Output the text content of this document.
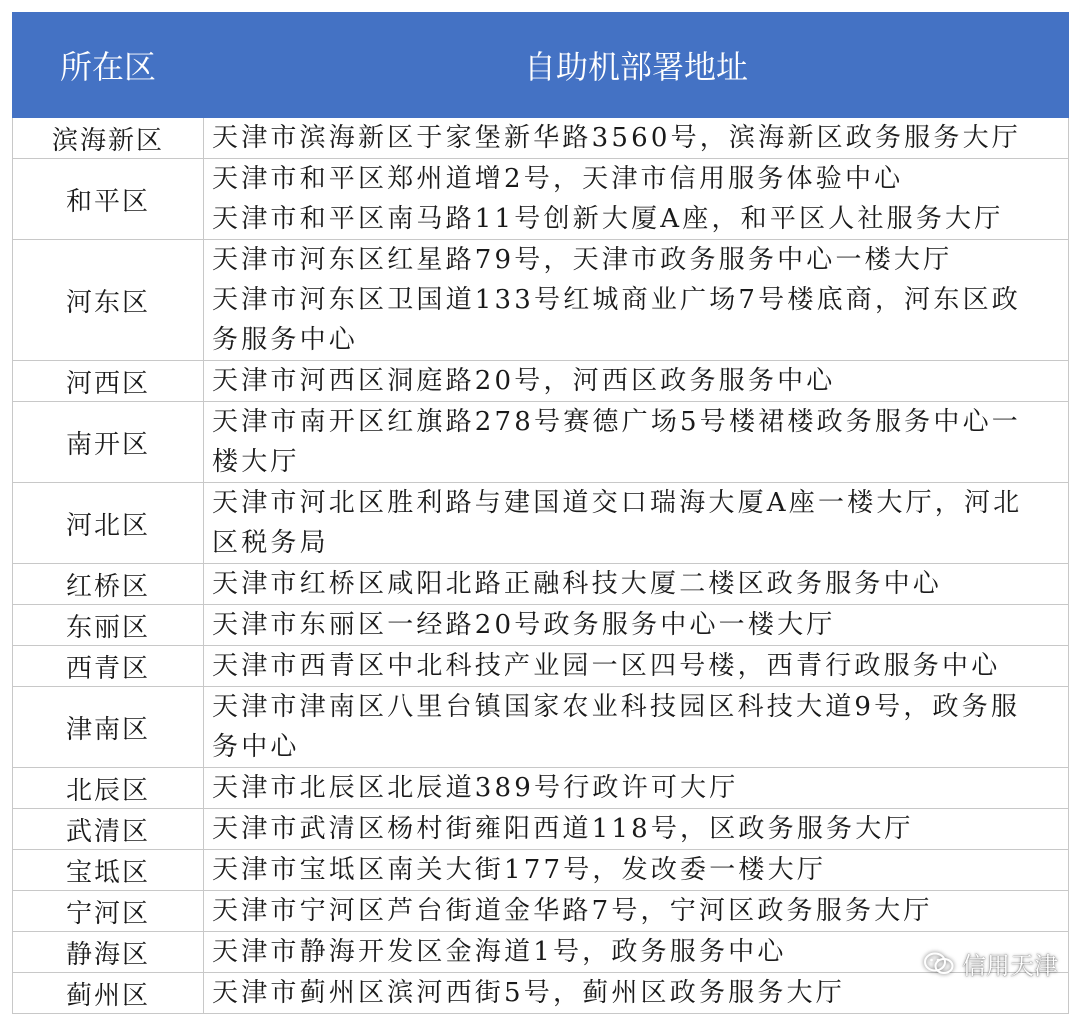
所在区	自助机部署地址
滨海新区	天津市滨海新区于家堡新华路3560号，滨海新区政务服务大厅

和平区	天津市和平区郑州道增2号，天津市信用服务体验中心
天津市和平区南马路11号创新大厦A座，和平区人社服务大厅

河东区	天津市河东区红星路79号，天津市政务服务中心一楼大厅
天津市河东区卫国道133号红城商业广场7号楼底商，河东区政
务服务中心

河西区	天津市河西区洞庭路20号，河西区政务服务中心

南开区	天津市南开区红旗路278号赛德广场5号楼裙楼政务服务中心一
楼大厅

河北区	天津市河北区胜利路与建国道交口瑞海大厦A座一楼大厅，河北
区税务局

红桥区	天津市红桥区咸阳北路正融科技大厦二楼区政务服务中心

东丽区	天津市东丽区一经路20号政务服务中心一楼大厅

西青区	天津市西青区中北科技产业园一区四号楼，西青行政服务中心

津南区	天津市津南区八里台镇国家农业科技园区科技大道9号，政务服
务中心

北辰区	天津市北辰区北辰道389号行政许可大厅

武清区	天津市武清区杨村街雍阳西道118号，区政务服务大厅

宝坻区	天津市宝坻区南关大街177号，发改委一楼大厅

宁河区	天津市宁河区芦台街道金华路7号，宁河区政务服务大厅

静海区	天津市静海开发区金海道1号，政务服务中心

蓟州区	天津市蓟州区滨河西街5号，蓟州区政务服务大厅
信用天津
